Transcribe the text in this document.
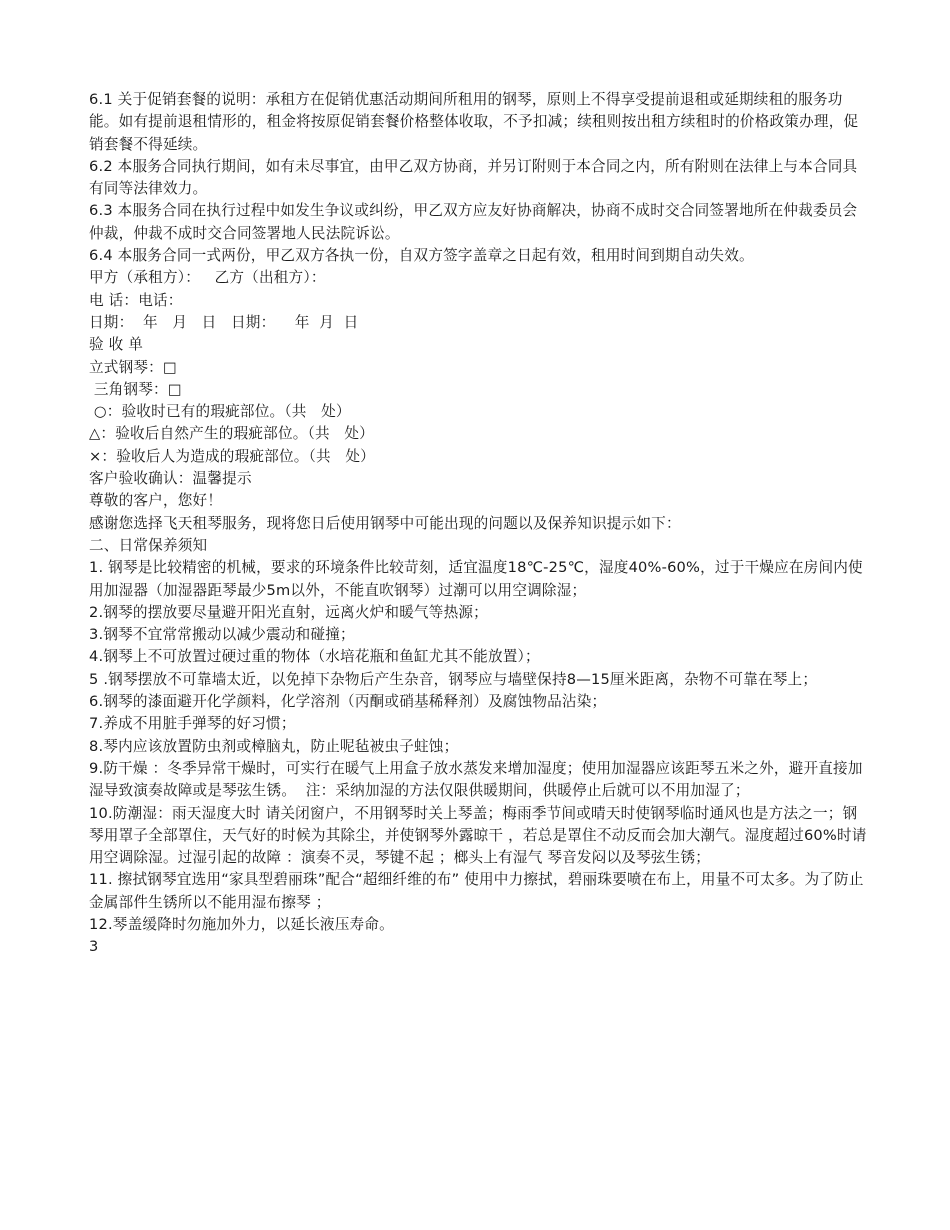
6.1 关于促销套餐的说明：承租方在促销优惠活动期间所租用的钢琴，原则上不得享受提前退租或延期续租的服务功能。如有提前退租情形的，租金将按原促销套餐价格整体收取，不予扣减；续租则按出租方续租时的价格政策办理，促销套餐不得延续。

6.2 本服务合同执行期间，如有未尽事宜，由甲乙双方协商，并另订附则于本合同之内，所有附则在法律上与本合同具有同等法律效力。

6.3 本服务合同在执行过程中如发生争议或纠纷，甲乙双方应友好协商解决，协商不成时交合同签署地所在仲裁委员会仲裁，仲裁不成时交合同签署地人民法院诉讼。

6.4 本服务合同一式两份，甲乙双方各执一份，自双方签字盖章之日起有效，租用时间到期自动失效。

甲方（承租方）：   乙方（出租方）：

电 话：电话：

日期：  年   月   日   日期：    年  月  日

验 收 单

立式钢琴：□

三角钢琴：□

○：验收时已有的瑕疵部位。（共   处）

△：验收后自然产生的瑕疵部位。（共   处）

×：验收后人为造成的瑕疵部位。（共   处）

客户验收确认：温馨提示

尊敬的客户，您好！

感谢您选择飞天租琴服务，现将您日后使用钢琴中可能出现的问题以及保养知识提示如下：

二、日常保养须知

1. 钢琴是比较精密的机械，要求的环境条件比较苛刻，适宜温度18℃-25℃，湿度40%-60%，过于干燥应在房间内使用加湿器（加湿器距琴最少5m以外，不能直吹钢琴）过潮可以用空调除湿；

2.钢琴的摆放要尽量避开阳光直射，远离火炉和暖气等热源；

3.钢琴不宜常常搬动以减少震动和碰撞；

4.钢琴上不可放置过硬过重的物体（水培花瓶和鱼缸尤其不能放置）；

5 .钢琴摆放不可靠墙太近，以免掉下杂物后产生杂音，钢琴应与墙壁保持8—15厘米距离，杂物不可靠在琴上；

6.钢琴的漆面避开化学颜料，化学溶剂（丙酮或硝基稀释剂）及腐蚀物品沾染；

7.养成不用脏手弹琴的好习惯；

8.琴内应该放置防虫剂或樟脑丸，防止呢毡被虫子蛀蚀；

9.防干燥 ：冬季异常干燥时，可实行在暖气上用盒子放水蒸发来增加湿度；使用加湿器应该距琴五米之外，避开直接加湿导致演奏故障或是琴弦生锈。  注：采纳加湿的方法仅限供暖期间，供暖停止后就可以不用加湿了；

10.防潮湿：雨天湿度大时 请关闭窗户，不用钢琴时关上琴盖；梅雨季节间或晴天时使钢琴临时通风也是方法之一；钢琴用罩子全部罩住，天气好的时候为其除尘，并使钢琴外露晾干 ，若总是罩住不动反而会加大潮气。湿度超过60%时请用空调除湿。过湿引起的故障 ：演奏不灵，琴键不起 ；榔头上有湿气 琴音发闷以及琴弦生锈；

11. 擦拭钢琴宜选用“家具型碧丽珠”配合“超细纤维的布” 使用中力擦拭，碧丽珠要喷在布上，用量不可太多。为了防止金属部件生锈所以不能用湿布擦琴 ；

12.琴盖缓降时勿施加外力，以延长液压寿命。

3
